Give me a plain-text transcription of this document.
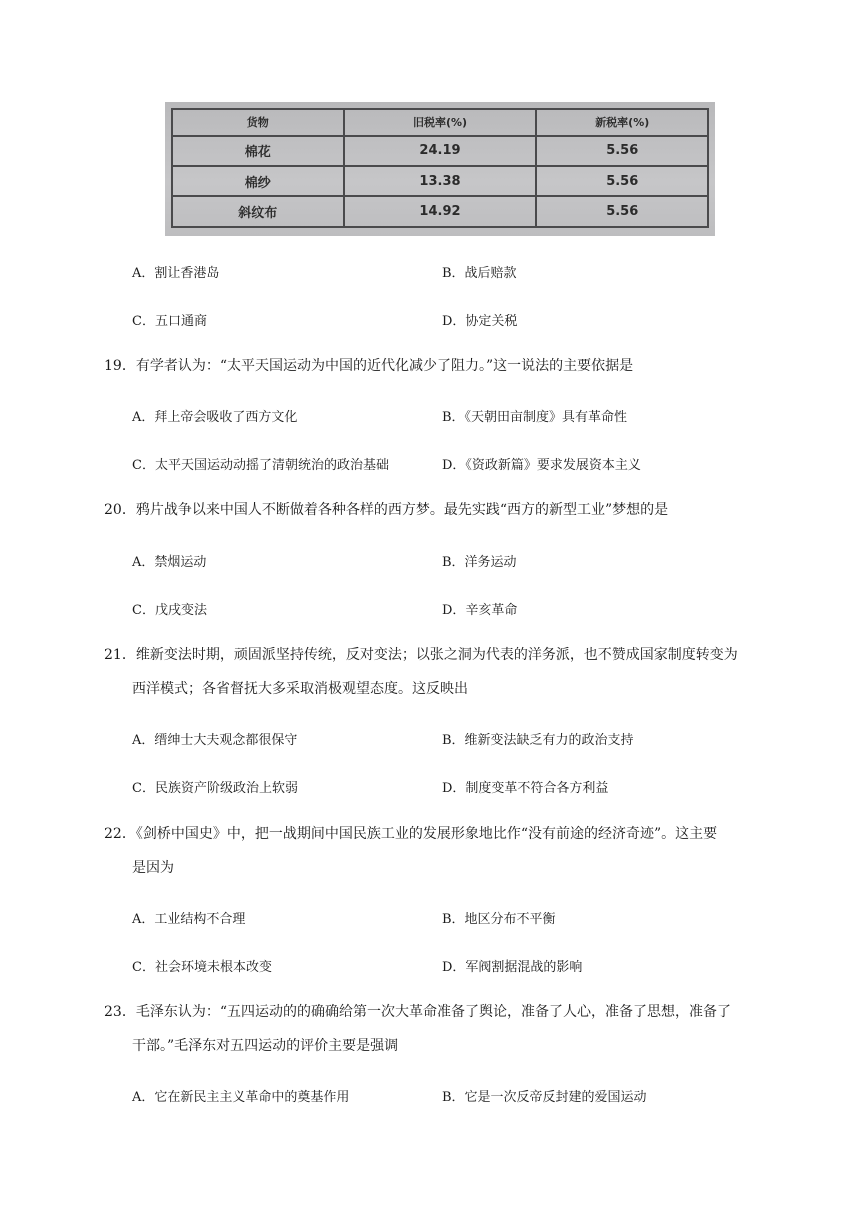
货物	旧税率(%)	新税率(%)
棉花	24.19	5.56
棉纱	13.38	5.56
斜纹布	14.92	5.56
A．割让香港岛	B．战后赔款
C．五口通商	D．协定关税
19．有学者认为：“太平天国运动为中国的近代化减少了阻力。”这一说法的主要依据是
A．拜上帝会吸收了西方文化	B．《天朝田亩制度》具有革命性
C．太平天国运动动摇了清朝统治的政治基础	D．《资政新篇》要求发展资本主义
20．鸦片战争以来中国人不断做着各种各样的西方梦。最先实践“西方的新型工业”梦想的是
A．禁烟运动	B．洋务运动
C．戊戌变法	D．辛亥革命
21．维新变法时期，顽固派坚持传统，反对变法；以张之洞为代表的洋务派，也不赞成国家制度转变为
西洋模式；各省督抚大多采取消极观望态度。这反映出
A．缙绅士大夫观念都很保守	B．维新变法缺乏有力的政治支持
C．民族资产阶级政治上软弱	D．制度变革不符合各方利益
22．《剑桥中国史》中，把一战期间中国民族工业的发展形象地比作“没有前途的经济奇迹”。这主要
是因为
A．工业结构不合理	B．地区分布不平衡
C．社会环境未根本改变	D．军阀割据混战的影响
23．毛泽东认为：“五四运动的的确确给第一次大革命准备了舆论，准备了人心，准备了思想，准备了
干部。”毛泽东对五四运动的评价主要是强调
A．它在新民主主义革命中的奠基作用	B．它是一次反帝反封建的爱国运动
